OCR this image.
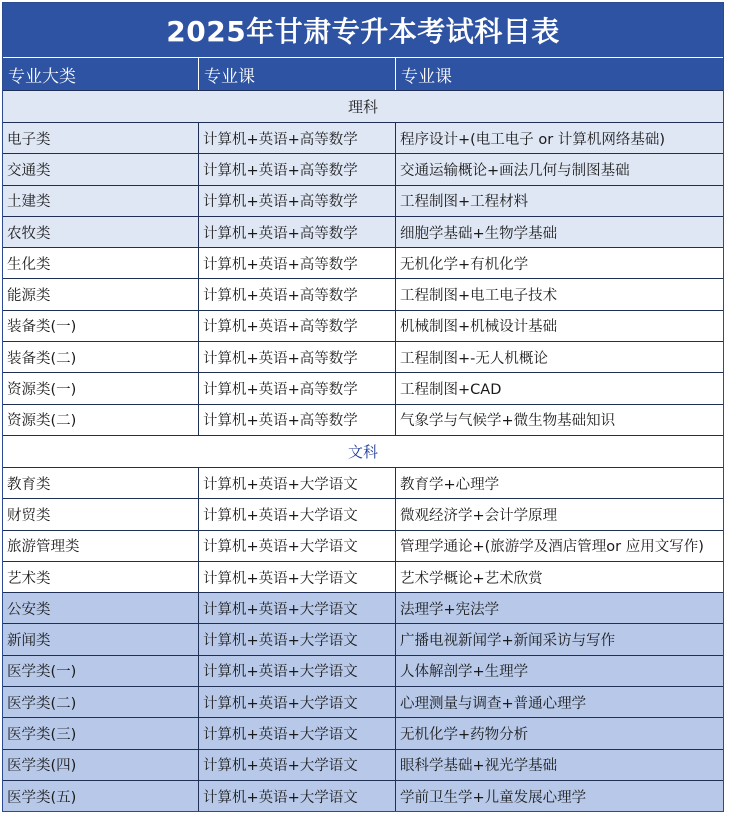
2025年甘肃专升本考试科目表
专业大类	专业课	专业课
理科
电子类	计算机+英语+高等数学	程序设计+(电工电子 or 计算机网络基础)
交通类	计算机+英语+高等数学	交通运输概论+画法几何与制图基础
土建类	计算机+英语+高等数学	工程制图+工程材料
农牧类	计算机+英语+高等数学	细胞学基础+生物学基础
生化类	计算机+英语+高等数学	无机化学+有机化学
能源类	计算机+英语+高等数学	工程制图+电工电子技术
装备类(一)	计算机+英语+高等数学	机械制图+机械设计基础
装备类(二)	计算机+英语+高等数学	工程制图+-无人机概论
资源类(一)	计算机+英语+高等数学	工程制图+CAD
资源类(二)	计算机+英语+高等数学	气象学与气候学+微生物基础知识
文科
教育类	计算机+英语+大学语文	教育学+心理学
财贸类	计算机+英语+大学语文	微观经济学+会计学原理
旅游管理类	计算机+英语+大学语文	管理学通论+(旅游学及酒店管理or 应用文写作)
艺术类	计算机+英语+大学语文	艺术学概论+艺术欣赏
公安类	计算机+英语+大学语文	法理学+宪法学
新闻类	计算机+英语+大学语文	广播电视新闻学+新闻采访与写作
医学类(一)	计算机+英语+大学语文	人体解剖学+生理学
医学类(二)	计算机+英语+大学语文	心理测量与调查+普通心理学
医学类(三)	计算机+英语+大学语文	无机化学+药物分析
医学类(四)	计算机+英语+大学语文	眼科学基础+视光学基础
医学类(五)	计算机+英语+大学语文	学前卫生学+儿童发展心理学
